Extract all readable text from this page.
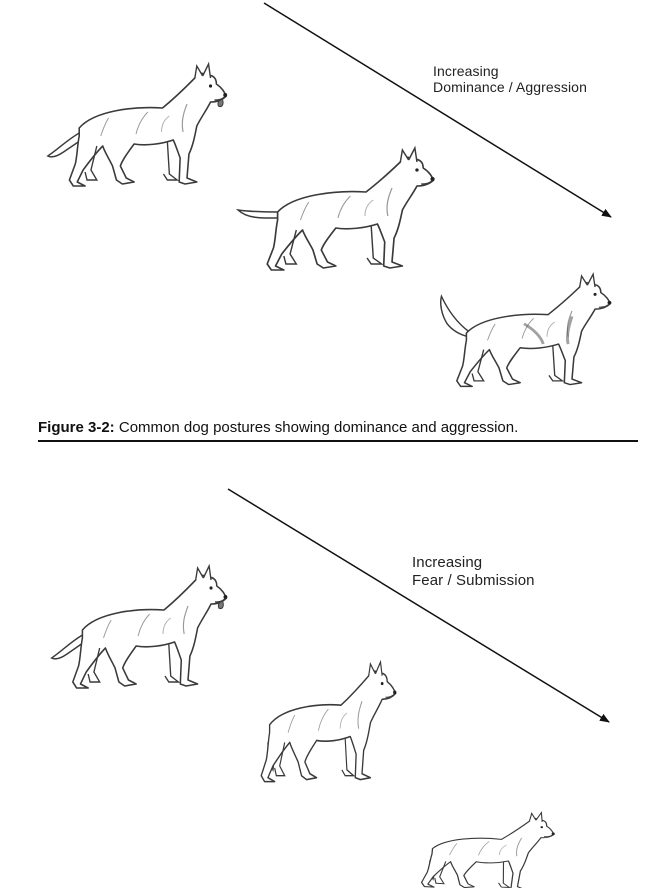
Increasing
Dominance / Aggression
Figure 3-2: Common dog postures showing dominance and aggression.
Increasing
Fear / Submission
